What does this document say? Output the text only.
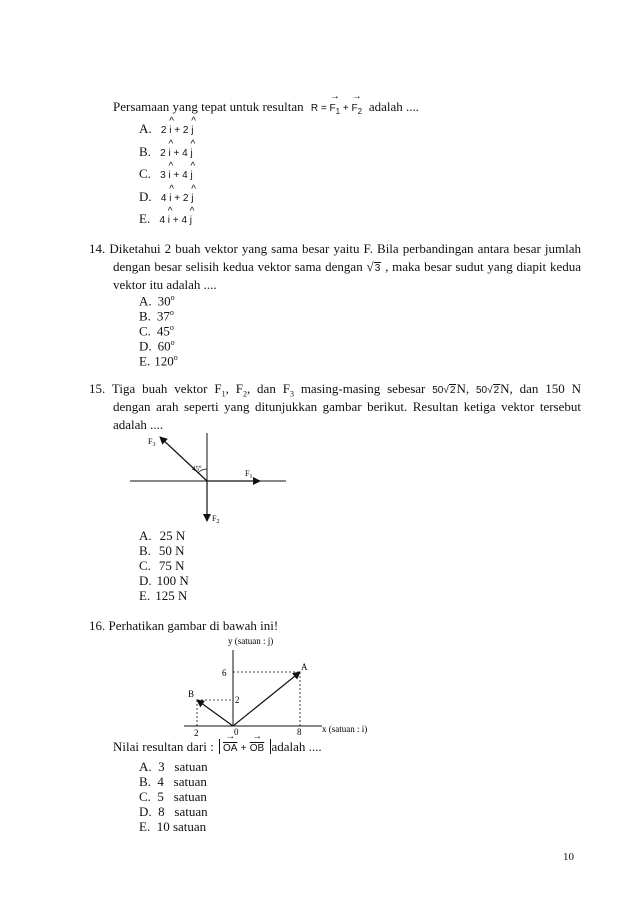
Persamaan yang tepat untuk resultan R = → $F_1$ + → $F_2$ adalah ....
A. 2 ^ i + 2 ^ j
B. 2 ^ i + 4 ^ j
C. 3 ^ i + 4 ^ j
D. 4 ^ i + 2 ^ j
E. 4 ^ i + 4 ^ j
14. Diketahui 2 buah vektor yang sama besar yaitu F. Bila perbandingan antara besar jumlah
dengan besar selisih kedua vektor sama dengan √3 , maka besar sudut yang diapit kedua
vektor itu adalah ....
A. 30$^o$
B. 37$^o$
C. 45$^o$
D. 60$^o$
E. 120$^o$
15. Tiga buah vektor $F_1$, $F_2$, dan $F_3$ masing-masing sebesar 50√2N, 50√2N, dan 150 N
dengan arah seperti yang ditunjukkan gambar berikut. Resultan ketiga vektor tersebut
adalah ....
$F_3$
45$^o$
$F_1$
$F_2$
A. 25 N
B. 50 N
C. 75 N
D. 100 N
E. 125 N
16. Perhatikan gambar di bawah ini!
y (satuan : j)
x (satuan : i)
A
B
6
2
2	0	8
Nilai resultan dari : → $\overline{OA}$ + → $\overline{OB}$ adalah ....
A. 3   satuan
B. 4   satuan
C. 5   satuan
D. 8   satuan
E. 10 satuan
10
